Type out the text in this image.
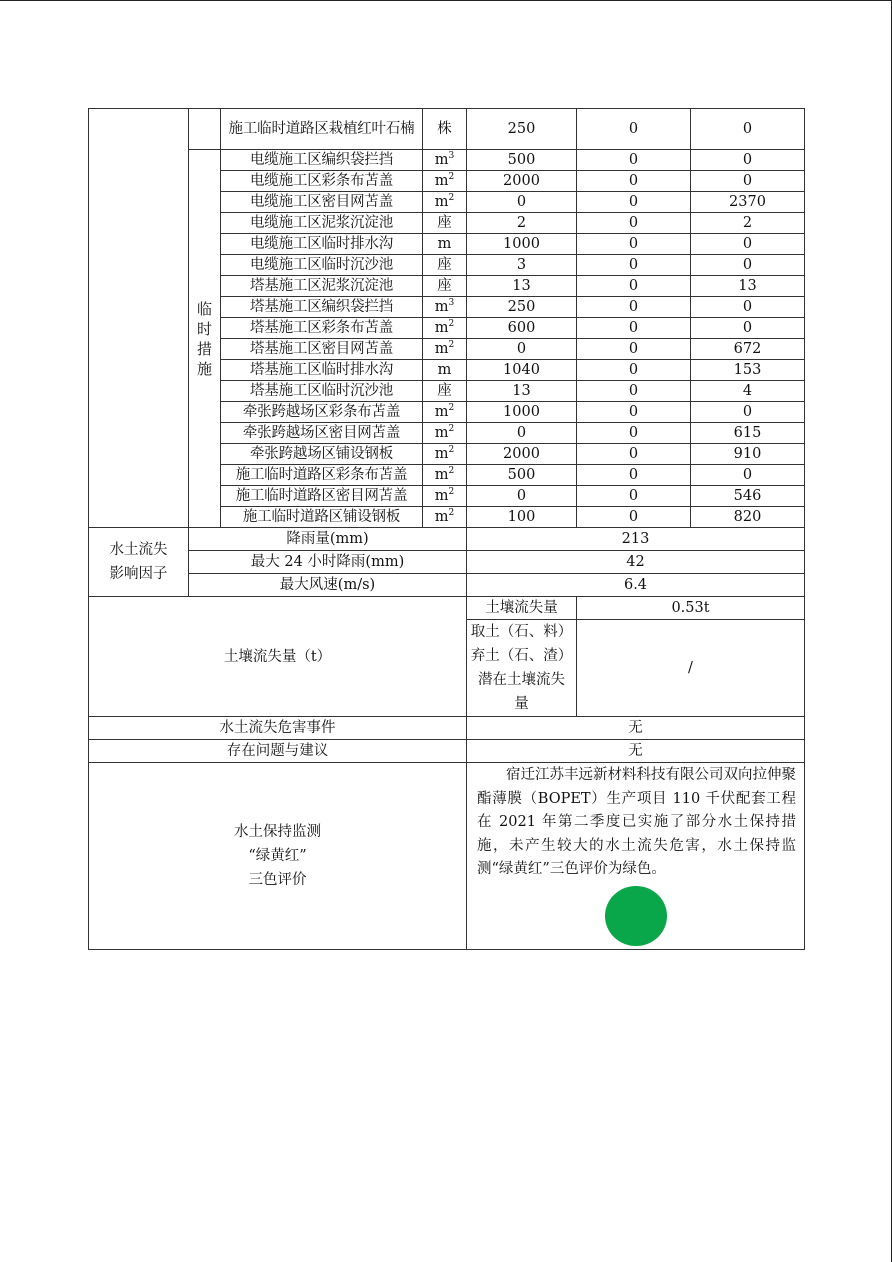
		施工临时道路区栽植红叶石楠	株	250	0	0

	临
时
措
施	电缆施工区编织袋拦挡	$m^3$	500	0	0
		电缆施工区彩条布苫盖	$m^2$	2000	0	0
		电缆施工区密目网苫盖	$m^2$	0	0	2370
		电缆施工区泥浆沉淀池	座	2	0	2
		电缆施工区临时排水沟	m	1000	0	0
		电缆施工区临时沉沙池	座	3	0	0
		塔基施工区泥浆沉淀池	座	13	0	13
		塔基施工区编织袋拦挡	$m^3$	250	0	0
		塔基施工区彩条布苫盖	$m^2$	600	0	0
		塔基施工区密目网苫盖	$m^2$	0	0	672
		塔基施工区临时排水沟	m	1040	0	153
		塔基施工区临时沉沙池	座	13	0	4
		牵张跨越场区彩条布苫盖	$m^2$	1000	0	0
		牵张跨越场区密目网苫盖	$m^2$	0	0	615
		牵张跨越场区铺设钢板	$m^2$	2000	0	910
		施工临时道路区彩条布苫盖	$m^2$	500	0	0
		施工临时道路区密目网苫盖	$m^2$	0	0	546
		施工临时道路区铺设钢板	$m^2$	100	0	820

水土流失
影响因子	降雨量(mm)			213		
	最大 24 小时降雨(mm)			42		
	最大风速(m/s)			6.4		
土壤流失量（t）				土壤流失量	0.53t	

				取土（石、料）
弃土（石、渣）
潜在土壤流失
量	/	
水土流失危害事件				无		
存在问题与建议				无		

水土保持监测
“绿黄红”
三色评价				宿迁江苏丰远新材料科技有限公司双向拉伸聚酯薄膜（BOPET）生产项目 110 千伏配套工程在 2021 年第二季度已实施了部分水土保持措施，未产生较大的水土流失危害，水土保持监测“绿黄红”三色评价为绿色。		
